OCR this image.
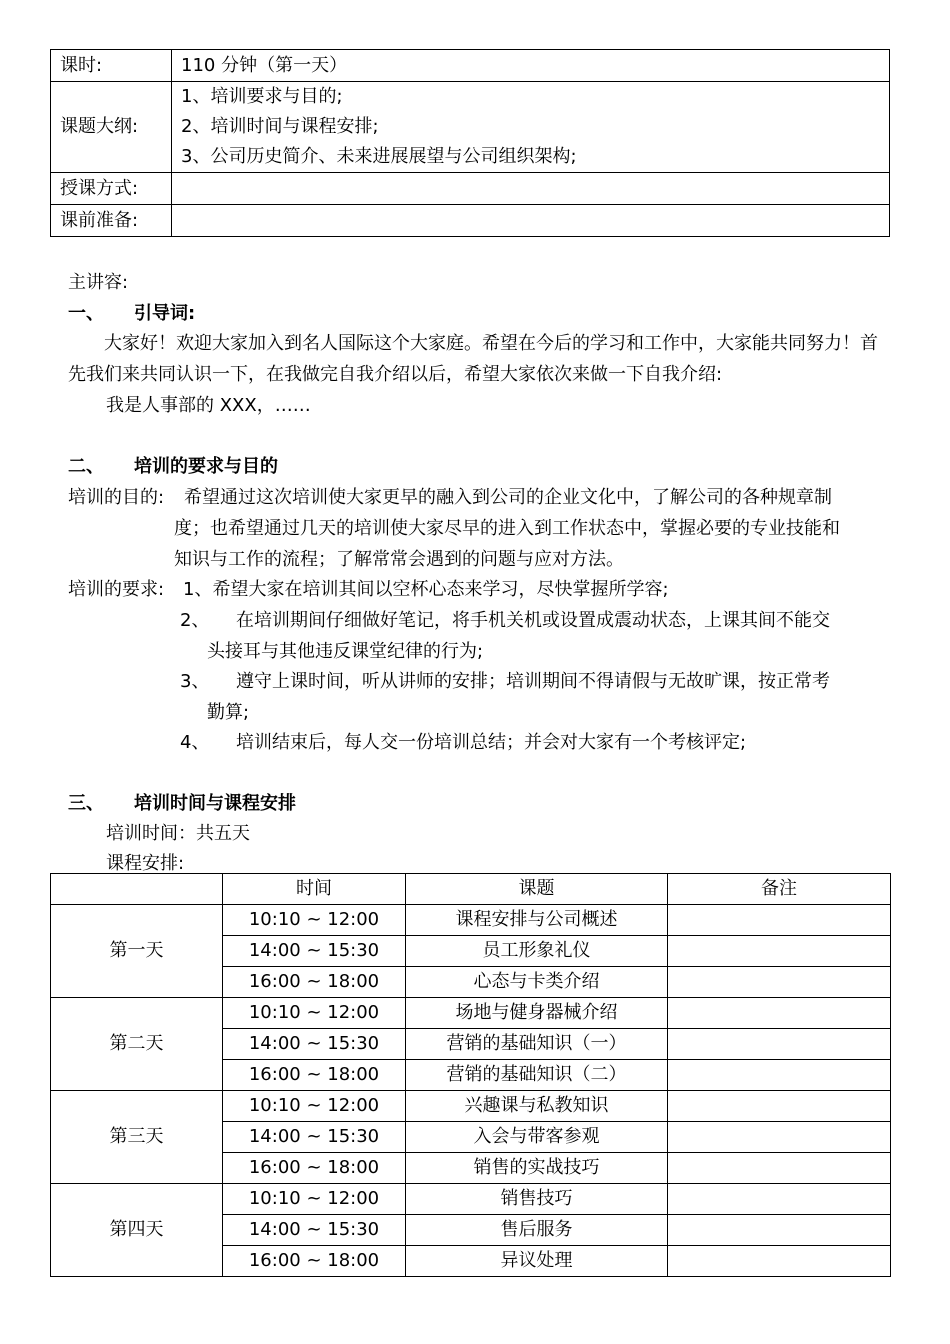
课时:	110 分钟（第一天）
课题大纲:	1、培训要求与目的;
2、培训时间与课程安排;
3、公司历史简介、未来进展展望与公司组织架构;

授课方式:	
课前准备:	
主讲容:
一、 引导词:
大家好！欢迎大家加入到名人国际这个大家庭。希望在今后的学习和工作中，大家能共同努力！首先我们来共同认识一下，在我做完自我介绍以后，希望大家依次来做一下自我介绍:
我是人事部的 XXX，……
二、 培训的要求与目的
培训的目的: 希望通过这次培训使大家更早的融入到公司的企业文化中，了解公司的各种规章制
度；也希望通过几天的培训使大家尽早的进入到工作状态中，掌握必要的专业技能和
知识与工作的流程；了解常常会遇到的问题与应对方法。
培训的要求: 1、希望大家在培训其间以空杯心态来学习，尽快掌握所学容;
2、 在培训期间仔细做好笔记，将手机关机或设置成震动状态，上课其间不能交
头接耳与其他违反课堂纪律的行为;
3、 遵守上课时间，听从讲师的安排；培训期间不得请假与无故旷课，按正常考
勤算;
4、 培训结束后，每人交一份培训总结；并会对大家有一个考核评定;
三、 培训时间与课程安排
培训时间：共五天
课程安排:
	时间	课题	备注
第一天	10:10 ~ 12:00	课程安排与公司概述	
	14:00 ~ 15:30	员工形象礼仪	
	16:00 ~ 18:00	心态与卡类介绍	
第二天	10:10 ~ 12:00	场地与健身器械介绍	
	14:00 ~ 15:30	营销的基础知识（一）	
	16:00 ~ 18:00	营销的基础知识（二）	
第三天	10:10 ~ 12:00	兴趣课与私教知识	
	14:00 ~ 15:30	入会与带客参观	
	16:00 ~ 18:00	销售的实战技巧	
第四天	10:10 ~ 12:00	销售技巧	
	14:00 ~ 15:30	售后服务	
	16:00 ~ 18:00	异议处理	
